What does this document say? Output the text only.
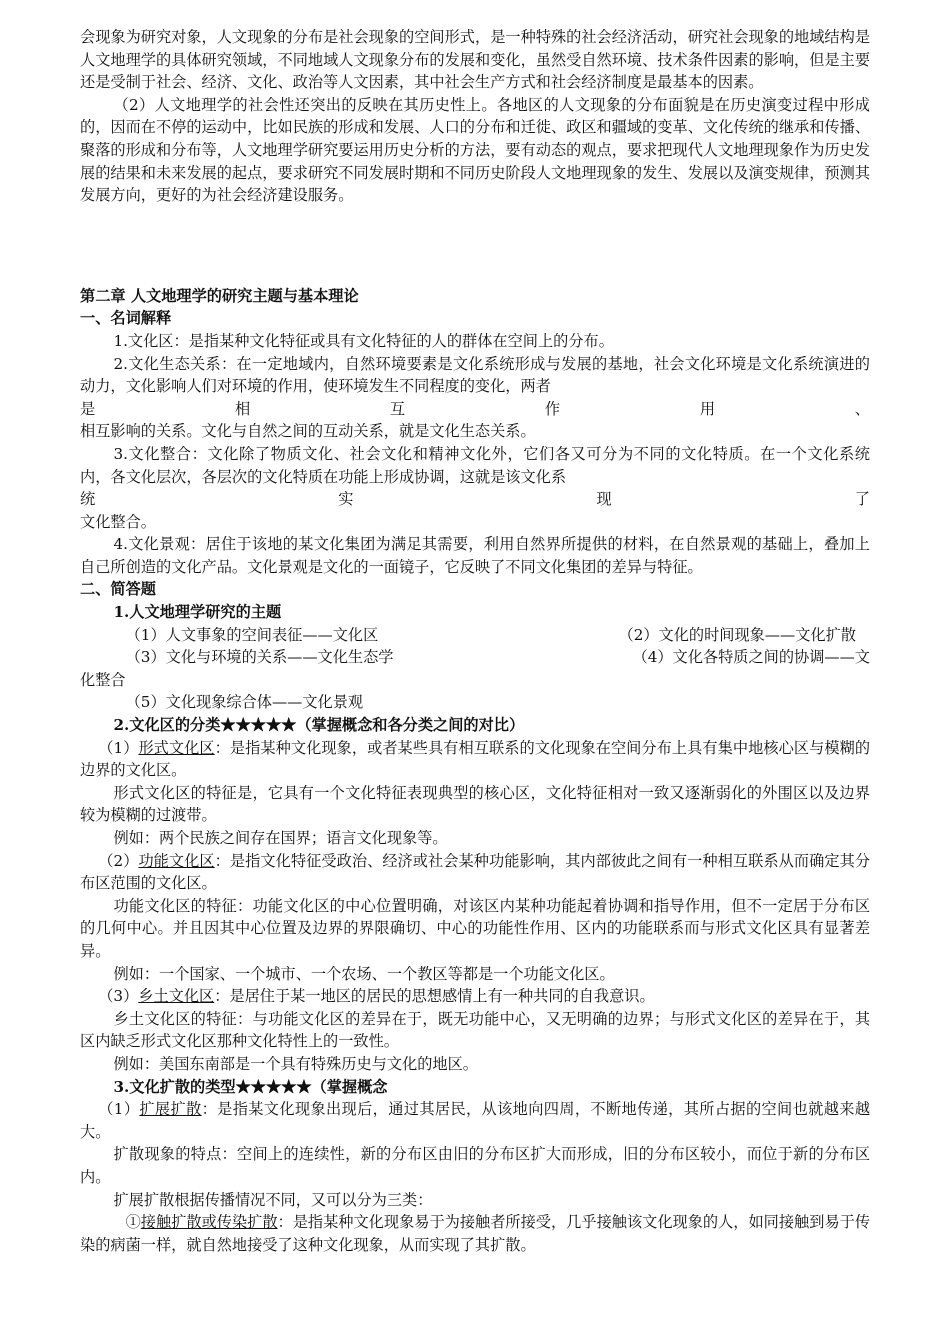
会现象为研究对象，人文现象的分布是社会现象的空间形式，是一种特殊的社会经济活动，研究社会现象的地域结构是人文地理学的具体研究领域，不同地域人文现象分布的发展和变化，虽然受自然环境、技术条件因素的影响，但是主要还是受制于社会、经济、文化、政治等人文因素，其中社会生产方式和社会经济制度是最基本的因素。

（2）人文地理学的社会性还突出的反映在其历史性上。各地区的人文现象的分布面貌是在历史演变过程中形成的，因而在不停的运动中，比如民族的形成和发展、人口的分布和迁徙、政区和疆域的变革、文化传统的继承和传播、聚落的形成和分布等，人文地理学研究要运用历史分析的方法，要有动态的观点，要求把现代人文地理现象作为历史发展的结果和未来发展的起点，要求研究不同发展时期和不同历史阶段人文地理现象的发生、发展以及演变规律，预测其发展方向，更好的为社会经济建设服务。

第二章 人文地理学的研究主题与基本理论

一、名词解释

1.文化区：是指某种文化特征或具有文化特征的人的群体在空间上的分布。

2.文化生态关系：在一定地域内，自然环境要素是文化系统形成与发展的基地，社会文化环境是文化系统演进的动力，文化影响人们对环境的作用，使环境发生不同程度的变化，两者

是	相	互	作	用	、

相互影响的关系。文化与自然之间的互动关系，就是文化生态关系。

3.文化整合：文化除了物质文化、社会文化和精神文化外，它们各又可分为不同的文化特质。在一个文化系统内，各文化层次，各层次的文化特质在功能上形成协调，这就是该文化系

统	实	现	了

文化整合。

4.文化景观：居住于该地的某文化集团为满足其需要，利用自然界所提供的材料，在自然景观的基础上，叠加上自己所创造的文化产品。文化景观是文化的一面镜子，它反映了不同文化集团的差异与特征。

二、简答题

1.人文地理学研究的主题

（1）人文事象的空间表征——文化区	（2）文化的时间现象——文化扩散
（3）文化与环境的关系——文化生态学	（4）文化各特质之间的协调——文

化整合

（5）文化现象综合体——文化景观

2.文化区的分类★★★★★（掌握概念和各分类之间的对比）

（1）形式文化区：是指某种文化现象，或者某些具有相互联系的文化现象在空间分布上具有集中地核心区与模糊的边界的文化区。

形式文化区的特征是，它具有一个文化特征表现典型的核心区，文化特征相对一致又逐渐弱化的外围区以及边界较为模糊的过渡带。

例如：两个民族之间存在国界；语言文化现象等。

（2）功能文化区：是指文化特征受政治、经济或社会某种功能影响，其内部彼此之间有一种相互联系从而确定其分布区范围的文化区。

功能文化区的特征：功能文化区的中心位置明确，对该区内某种功能起着协调和指导作用，但不一定居于分布区的几何中心。并且因其中心位置及边界的界限确切、中心的功能性作用、区内的功能联系而与形式文化区具有显著差异。

例如：一个国家、一个城市、一个农场、一个教区等都是一个功能文化区。

（3）乡土文化区：是居住于某一地区的居民的思想感情上有一种共同的自我意识。

乡土文化区的特征：与功能文化区的差异在于，既无功能中心，又无明确的边界；与形式文化区的差异在于，其区内缺乏形式文化区那种文化特性上的一致性。

例如：美国东南部是一个具有特殊历史与文化的地区。

3.文化扩散的类型★★★★★（掌握概念

（1）扩展扩散：是指某文化现象出现后，通过其居民，从该地向四周，不断地传递，其所占据的空间也就越来越大。

扩散现象的特点：空间上的连续性，新的分布区由旧的分布区扩大而形成，旧的分布区较小，而位于新的分布区内。

扩展扩散根据传播情况不同，又可以分为三类：

①接触扩散或传染扩散：是指某种文化现象易于为接触者所接受，几乎接触该文化现象的人，如同接触到易于传染的病菌一样，就自然地接受了这种文化现象，从而实现了其扩散。
